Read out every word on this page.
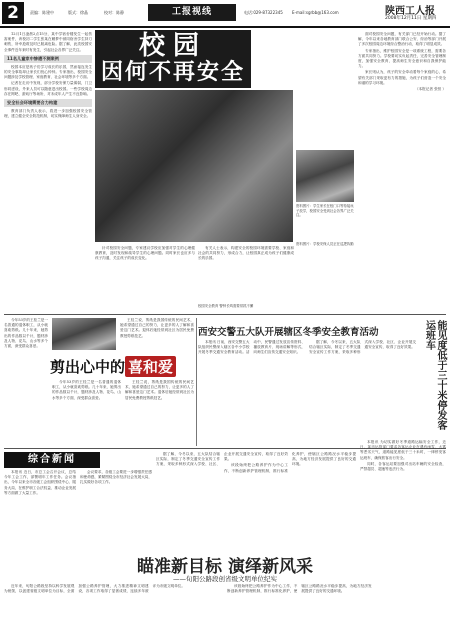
2	责编：陈建中	版式：徐晶	校对：陈静	工报视线	电话:029-87322345 E-mail:sgrbb@163.com	陕西工人报
2008年12月11日 星期四

12月1日凌晨2点15分，某中学宿舍楼发生一起伤害案件，该校初二学生张某在睡梦中被同宿舍学生持刀刺伤，所幸抢救及时已脱离危险。据了解，此类校园安全事件近年来时有发生，引起社会各界广泛关注。

11名儿童家中惨遭不测案例

校园本应是孩子们学习成长的乐园，然而接连发生的安全事故却让家长们忧心忡忡。专家指出，校园安全问题涉及学校管理、家庭教育、社会环境等多个方面。

记者在走访中发现，部分学校安保力量薄弱，门卫形同虚设，外来人员可以随意进出校园。一些学校周边存在网吧、游戏厅等场所，对未成年人产生不良影响。

安全社会环境需要合力构建

教育部门负责人表示，将进一步加强校园安全管理，建立健全安全防范机制，切实保障师生人身安全。

校园
因何不再安全
资料图片：学生家长在校门口等待接孩子放学，校园安全受到社会各界广泛关注。
资料图片：学校安保人员正在巡逻执勤

面对校园安全问题，有关部门已经开始行动。据了解，今年以来各地教育部门联合公安、综治等部门开展了多次校园周边环境综合整治行动，取得了明显成效。

专家指出，维护校园安全是一项系统工程，需要各方面共同努力。学校要切实负起责任，完善安全管理制度，加强安全教育，提高师生安全意识和自我保护能力。

家长则认为，孩子的安全牵动着每个家庭的心，希望有关部门采取更有力的措施，为孩子们营造一个安全和谐的学习环境。

（本报记者 张恒 ）

针对校园安全问题，专家建议学校应加强对学生的心理健康教育，及时发现和疏导学生的心理问题。同时家长也应多与孩子沟通，关注孩子的成长变化。

有关人士表示，构建安全的校园环境需要学校、家庭和社会的共同努力，形成合力，让校园真正成为孩子们健康成长的乐园。

校园安全教育 警钟长鸣需要常抓不懈

今年53岁的王桂兰是一名普通的退休职工，从小就喜欢剪纸。几十年来，她剪出的作品数以千计，题材涉及人物、花鸟、山水等多个方面，深受群众喜爱。

王桂兰说，剪纸是我国传统的民间艺术，她希望通过自己的努力，让更多的人了解和喜爱这门艺术。退休后她经常到社区为居民免费教授剪纸技艺。

剪出心中的 喜和爱

今年53岁的王桂兰是一名普通的退休职工，从小就喜欢剪纸。几十年来，她剪出的作品数以千计，题材涉及人物、花鸟、山水等多个方面，深受群众喜爱。

王桂兰说，剪纸是我国传统的民间艺术，她希望通过自己的努力，让更多的人了解和喜爱这门艺术。退休后她经常到社区为居民免费教授剪纸技艺。

西安交警五大队开展辖区冬季安全教育活动

本报讯 日前，西安交警五大队组织民警深入辖区各中小学校开展冬季交通安全教育活动。活动中，民警通过发放宣传资料、播放教育片、现场讲解等形式，向师生们宣传交通安全知识。

据了解，今冬以来，五大队结合辖区实际，制定了冬季交通安全宣传工作方案，采取多种形式深入学校、社区、企业开展交通安全宣传，取得了良好效果。	能见度低于三十米停发客运班车
综合新闻

本报讯 近日，市总工会召开会议，总结今年工会工作，部署明年工作任务。会议指出，今年以来全市各级工会组织围绕中心、服务大局，在维护职工合法权益、推动企业发展等方面做了大量工作。

会议要求，各级工会要进一步增强责任感和使命感，紧紧围绕全市经济社会发展大局，扎实做好各项工作。

据了解，今冬以来，五大队结合辖区实际，制定了冬季交通安全宣传工作方案，采取多种形式深入学校、社区、企业开展交通安全宣传，取得了良好效果。

该段始终把公路养护作为中心工作，不断创新养护管理机制，推行标准化养护，使辖区公路路况水平稳步提高，为地方经济发展提供了良好的交通环境。

本报讯 为切实做好冬季道路运输安全工作，近日，某市运管部门要求各客运企业在遇有雨雪、大雾等恶劣天气，道路能见度低于三十米时，一律停发客运班车，确保旅客出行安全。

同时，各客运站要加强对出站车辆的安全检查，严禁超员、超速等违法行为。

瞄准新目标 演绎新风采
——旬阳公路段创省级文明单位纪实

近年来，旬阳公路段坚持以科学发展观为统领，以创建省级文明单位为目标，全面加强公路养护管理，大力推进精神文明建设，各项工作取得了显著成绩，连续多年被评为市级文明单位。	该段始终把公路养护作为中心工作，不断创新养护管理机制，推行标准化养护，使辖区公路路况水平稳步提高，为地方经济发展提供了良好的交通环境。
